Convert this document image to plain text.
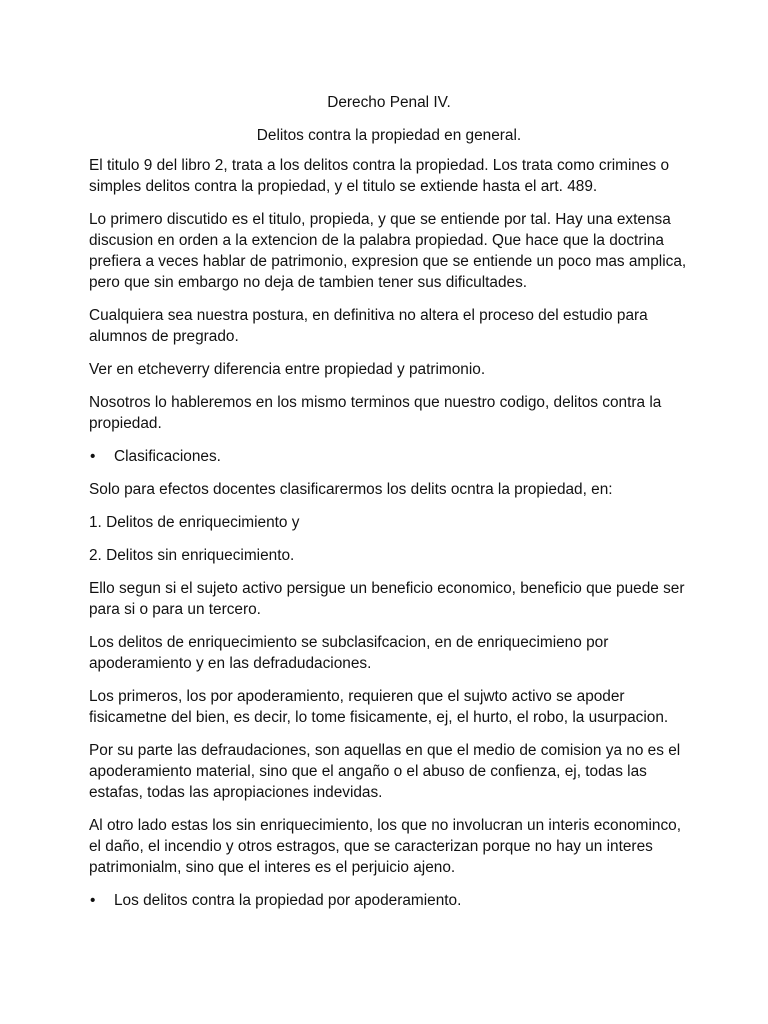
Derecho Penal IV.

Delitos contra la propiedad en general.

El titulo 9 del libro 2, trata a los delitos contra la propiedad. Los trata como crimines o simples delitos contra la propiedad, y el titulo se extiende hasta el art. 489.

Lo primero discutido es el titulo, propieda, y que se entiende por tal. Hay una extensa discusion en orden a la extencion de la palabra propiedad. Que hace que la doctrina prefiera a veces hablar de patrimonio, expresion que se entiende un poco mas amplica, pero que sin embargo no deja de tambien tener sus dificultades.

Cualquiera sea nuestra postura, en definitiva no altera el proceso del estudio para alumnos de pregrado.

Ver en etcheverry diferencia entre propiedad y patrimonio.

Nosotros lo hableremos en los mismo terminos que nuestro codigo, delitos contra la propiedad.

•	Clasificaciones.

Solo para efectos docentes clasificarermos los delits ocntra la propiedad, en:

1. Delitos de enriquecimiento y

2. Delitos sin enriquecimiento.

Ello segun si el sujeto activo persigue un beneficio economico, beneficio que puede ser para si o para un tercero.

Los delitos de enriquecimiento se subclasifcacion, en de enriquecimieno por apoderamiento y en las defradudaciones.

Los primeros, los por apoderamiento, requieren que el sujwto activo se apoder fisicametne del bien, es decir, lo tome fisicamente, ej, el hurto, el robo, la usurpacion.

Por su parte las defraudaciones, son aquellas en que el medio de comision ya no es el apoderamiento material, sino que el angaño o el abuso de confienza, ej, todas las estafas, todas las apropiaciones indevidas.

Al otro lado estas los sin enriquecimiento, los que no involucran un interis econominco, el daño, el incendio y otros estragos, que se caracterizan porque no hay un interes patrimonialm, sino que el interes es el perjuicio ajeno.

•	Los delitos contra la propiedad por apoderamiento.
